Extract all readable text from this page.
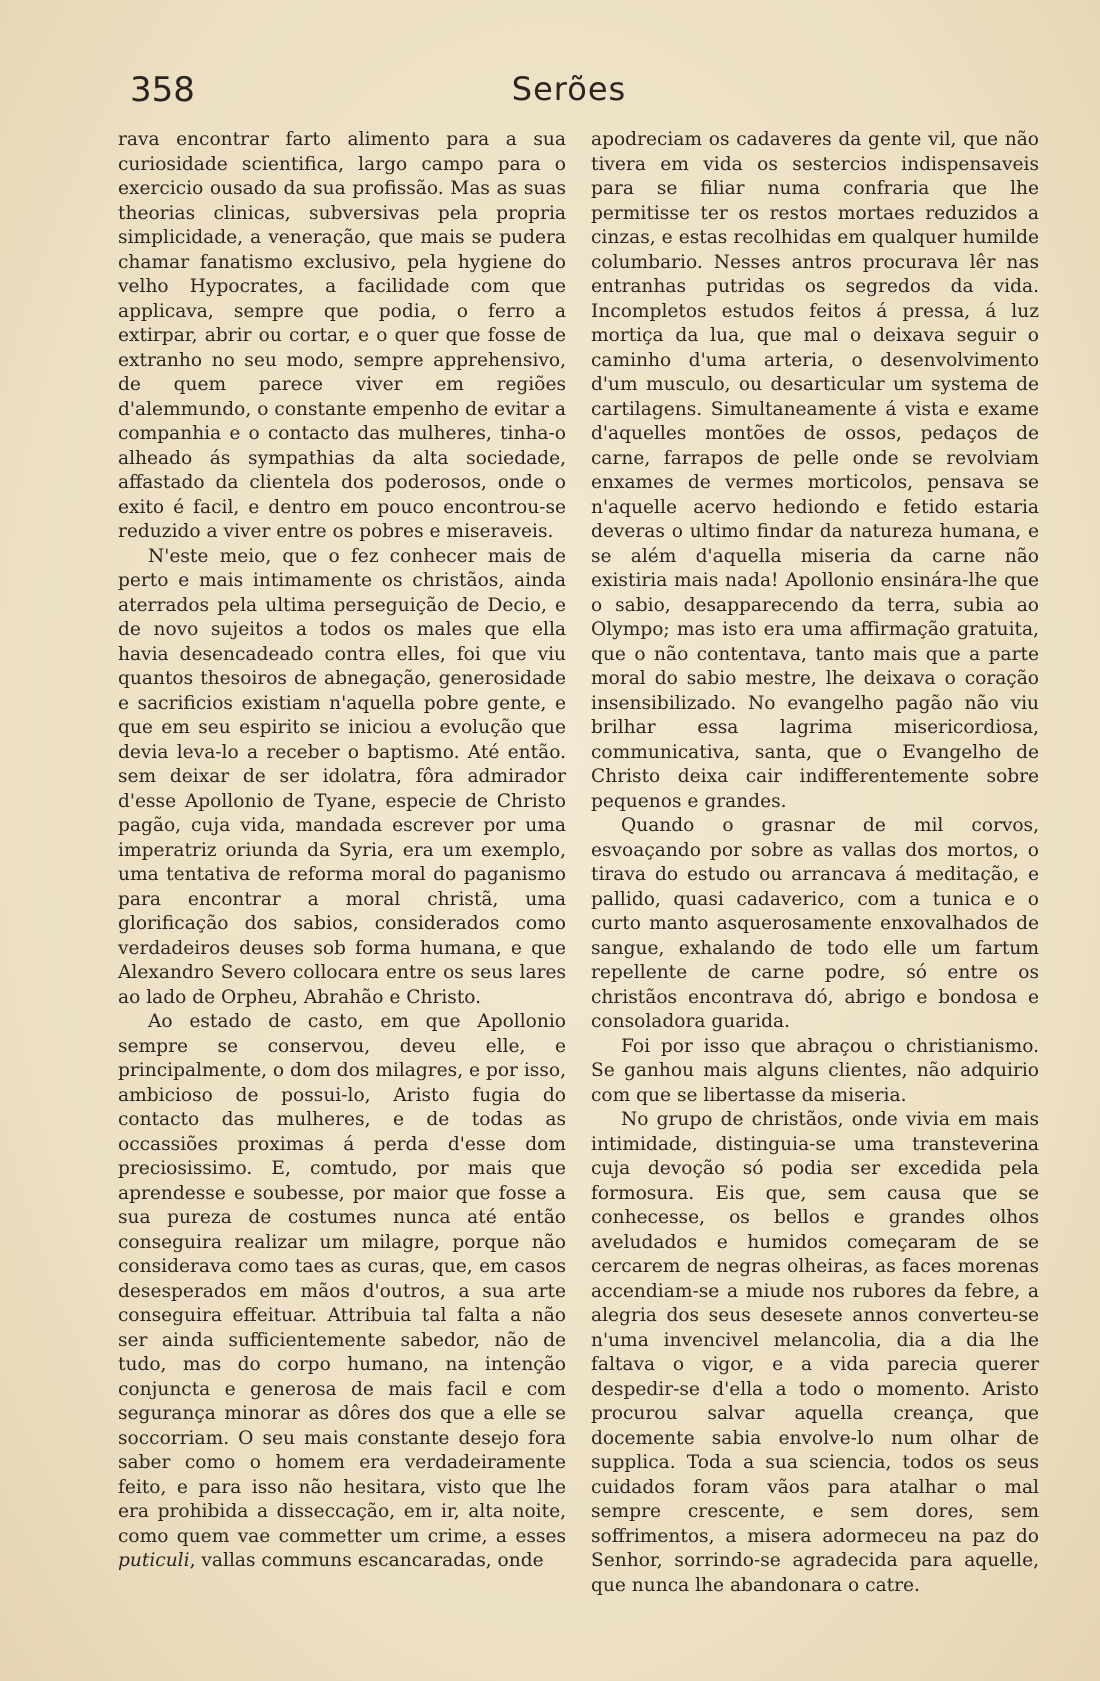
358	Serões

rava encontrar farto alimento para a sua curiosidade scientifica, largo campo para o exercicio ousado da sua profissão. Mas as suas theorias clinicas, subversivas pela propria simplicidade, a veneração, que mais se pudera chamar fanatismo exclusivo, pela hygiene do velho Hypocrates, a facilidade com que applicava, sempre que podia, o ferro a extirpar, abrir ou cortar, e o quer que fosse de extranho no seu modo, sempre apprehensivo, de quem parece viver em regiões d'alemmundo, o constante empenho de evitar a companhia e o contacto das mulheres, tinha-o alheado ás sympathias da alta sociedade, affastado da clientela dos poderosos, onde o exito é facil, e dentro em pouco encontrou-se reduzido a viver entre os pobres e miseraveis.

N'este meio, que o fez conhecer mais de perto e mais intimamente os christãos, ainda aterrados pela ultima perseguição de Decio, e de novo sujeitos a todos os males que ella havia desencadeado contra elles, foi que viu quantos thesoiros de abnegação, generosidade e sacrificios existiam n'aquella pobre gente, e que em seu espirito se iniciou a evolução que devia leva-lo a receber o baptismo. Até então. sem deixar de ser idolatra, fôra admirador d'esse Apollonio de Tyane, especie de Christo pagão, cuja vida, mandada escrever por uma imperatriz oriunda da Syria, era um exemplo, uma tentativa de reforma moral do paganismo para encontrar a moral christã, uma glorificação dos sabios, considerados como verdadeiros deuses sob forma humana, e que Alexandro Severo collocara entre os seus lares ao lado de Orpheu, Abrahão e Christo.

Ao estado de casto, em que Apollonio sempre se conservou, deveu elle, e principalmente, o dom dos milagres, e por isso, ambicioso de possui-lo, Aristo fugia do contacto das mulheres, e de todas as occassiões proximas á perda d'esse dom preciosissimo. E, comtudo, por mais que aprendesse e soubesse, por maior que fosse a sua pureza de costumes nunca até então conseguira realizar um milagre, porque não considerava como taes as curas, que, em casos desesperados em mãos d'outros, a sua arte conseguira effeituar. Attribuia tal falta a não ser ainda sufficientemente sabedor, não de tudo, mas do corpo humano, na intenção conjuncta e generosa de mais facil e com segurança minorar as dôres dos que a elle se soccorriam. O seu mais constante desejo fora saber como o homem era verdadeiramente feito, e para isso não hesitara, visto que lhe era prohibida a disseccação, em ir, alta noite, como quem vae commetter um crime, a esses puticuli, vallas communs escancaradas, onde

apodreciam os cadaveres da gente vil, que não tivera em vida os sestercios indispensaveis para se filiar numa confraria que lhe permitisse ter os restos mortaes reduzidos a cinzas, e estas recolhidas em qualquer humilde columbario. Nesses antros procurava lêr nas entranhas putridas os segredos da vida. Incompletos estudos feitos á pressa, á luz mortiça da lua, que mal o deixava seguir o caminho d'uma arteria, o desenvolvimento d'um musculo, ou desarticular um systema de cartilagens. Simultaneamente á vista e exame d'aquelles montões de ossos, pedaços de carne, farrapos de pelle onde se revolviam enxames de vermes morticolos, pensava se n'aquelle acervo hediondo e fetido estaria deveras o ultimo findar da natureza humana, e se além d'aquella miseria da carne não existiria mais nada! Apollonio ensinára-lhe que o sabio, desapparecendo da terra, subia ao Olympo; mas isto era uma affirmação gratuita, que o não contentava, tanto mais que a parte moral do sabio mestre, lhe deixava o coração insensibilizado. No evangelho pagão não viu brilhar essa lagrima misericordiosa, communicativa, santa, que o Evangelho de Christo deixa cair indifferentemente sobre pequenos e grandes.

Quando o grasnar de mil corvos, esvoaçando por sobre as vallas dos mortos, o tirava do estudo ou arrancava á meditação, e pallido, quasi cadaverico, com a tunica e o curto manto asquerosamente enxovalhados de sangue, exhalando de todo elle um fartum repellente de carne podre, só entre os christãos encontrava dó, abrigo e bondosa e consoladora guarida.

Foi por isso que abraçou o christianismo. Se ganhou mais alguns clientes, não adquirio com que se libertasse da miseria.

No grupo de christãos, onde vivia em mais intimidade, distinguia-se uma transteverina cuja devoção só podia ser excedida pela formosura. Eis que, sem causa que se conhecesse, os bellos e grandes olhos aveludados e humidos começaram de se cercarem de negras olheiras, as faces morenas accendiam-se a miude nos rubores da febre, a alegria dos seus desesete annos converteu-se n'uma invencivel melancolia, dia a dia lhe faltava o vigor, e a vida parecia querer despedir-se d'ella a todo o momento. Aristo procurou salvar aquella creança, que docemente sabia envolve-lo num olhar de supplica. Toda a sua sciencia, todos os seus cuidados foram vãos para atalhar o mal sempre crescente, e sem dores, sem soffrimentos, a misera adormeceu na paz do Senhor, sorrindo-se agradecida para aquelle, que nunca lhe abandonara o catre.
